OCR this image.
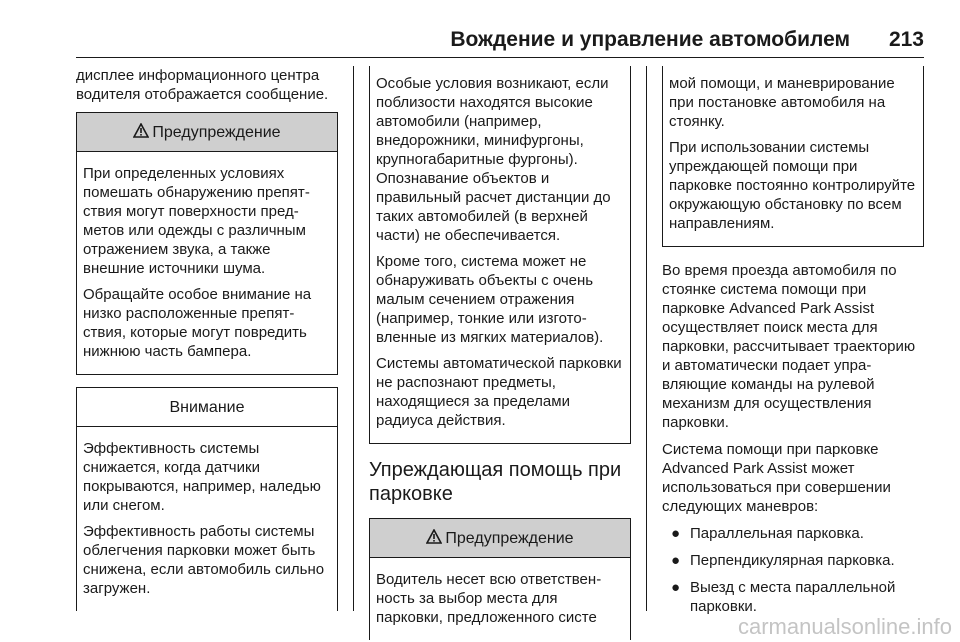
Вождение и управление автомобилем 213

дисплее информационного центра водителя отображается сообщение.

Предупреждение

При определенных условиях помешать обнаружению препятствия могут поверхности предметов или одежды с различным отражением звука, а также внешние источники шума.

Обращайте особое внимание на низко расположенные препятствия, которые могут повредить нижнюю часть бампера.

Внимание

Эффективность системы снижается, когда датчики покрываются, например, наледью или снегом.

Эффективность работы системы облегчения парковки может быть снижена, если автомобиль сильно загружен.

Особые условия возникают, если поблизости находятся высокие автомобили (например, внедорожники, минифургоны, крупногабаритные фургоны). Опознавание объектов и правильный расчет дистанции до таких автомобилей (в верхней части) не обеспечивается.

Кроме того, система может не обнаруживать объекты с очень малым сечением отражения (например, тонкие или изготовленные из мягких материалов).

Системы автоматической парковки не распознают предметы, находящиеся за пределами радиуса действия.

Упреждающая помощь при парковке
Предупреждение

Водитель несет всю ответственность за выбор места для парковки, предложенного систе

мой помощи, и маневрирование при постановке автомобиля на стоянку.

При использовании системы упреждающей помощи при парковке постоянно контролируйте окружающую обстановку по всем направлениям.

Во время проезда автомобиля по стоянке система помощи при парковке Advanced Park Assist осуществляет поиск места для парковки, рассчитывает траекторию и автоматически подает управляющие команды на рулевой механизм для осуществления парковки.

Система помощи при парковке Advanced Park Assist может использоваться при совершении следующих маневров:

● Параллельная парковка.
● Перпендикулярная парковка.
● Выезд с места параллельной парковки.
carmanualsonline.info
